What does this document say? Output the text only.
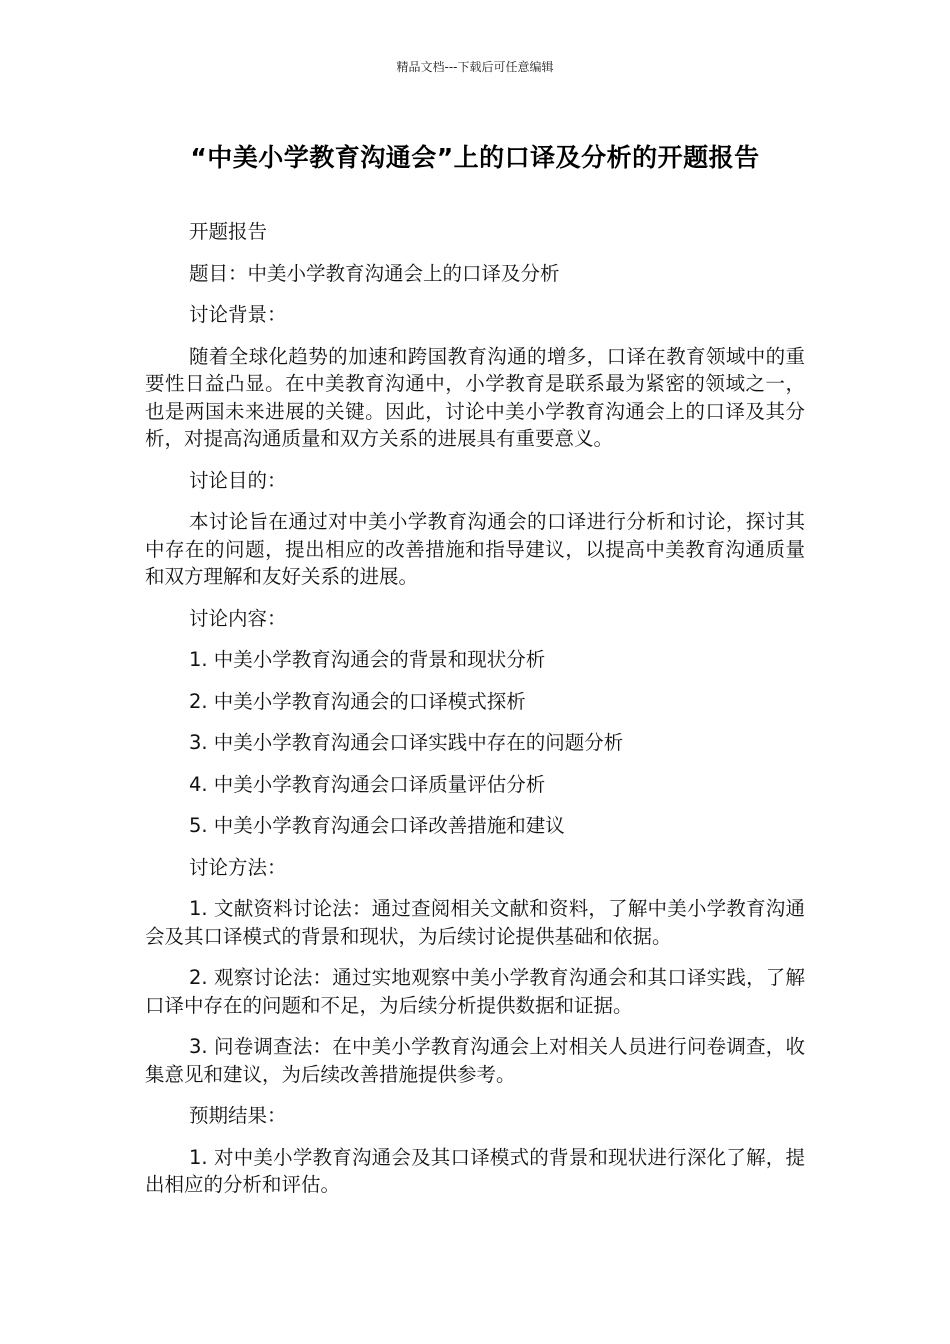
精品文档---下载后可任意编辑
“中美小学教育沟通会”上的口译及分析的开题报告

开题报告

题目：中美小学教育沟通会上的口译及分析

讨论背景：

随着全球化趋势的加速和跨国教育沟通的增多，口译在教育领域中的重要性日益凸显。在中美教育沟通中，小学教育是联系最为紧密的领域之一，也是两国未来进展的关键。因此，讨论中美小学教育沟通会上的口译及其分析，对提高沟通质量和双方关系的进展具有重要意义。

讨论目的：

本讨论旨在通过对中美小学教育沟通会的口译进行分析和讨论，探讨其中存在的问题，提出相应的改善措施和指导建议，以提高中美教育沟通质量和双方理解和友好关系的进展。

讨论内容：

1. 中美小学教育沟通会的背景和现状分析

2. 中美小学教育沟通会的口译模式探析

3. 中美小学教育沟通会口译实践中存在的问题分析

4. 中美小学教育沟通会口译质量评估分析

5. 中美小学教育沟通会口译改善措施和建议

讨论方法：

1. 文献资料讨论法：通过查阅相关文献和资料，了解中美小学教育沟通会及其口译模式的背景和现状，为后续讨论提供基础和依据。

2. 观察讨论法：通过实地观察中美小学教育沟通会和其口译实践，了解口译中存在的问题和不足，为后续分析提供数据和证据。

3. 问卷调查法：在中美小学教育沟通会上对相关人员进行问卷调查，收集意见和建议，为后续改善措施提供参考。

预期结果：

1. 对中美小学教育沟通会及其口译模式的背景和现状进行深化了解，提出相应的分析和评估。
